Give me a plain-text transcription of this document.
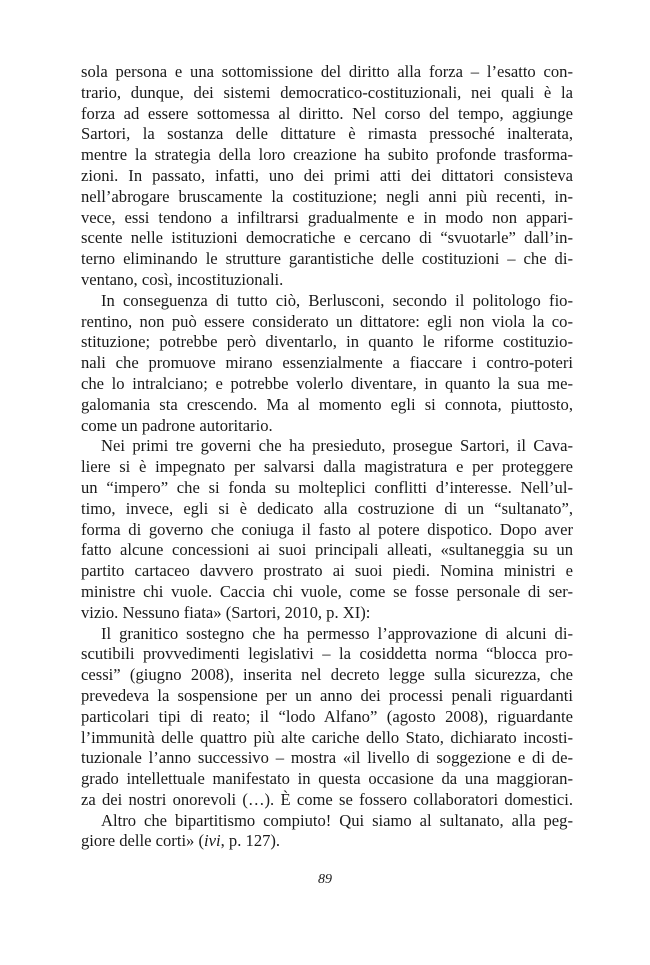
sola persona e una sottomissione del diritto alla forza – l’esatto con-
trario, dunque, dei sistemi democratico-costituzionali, nei quali è la
forza ad essere sottomessa al diritto. Nel corso del tempo, aggiunge
Sartori, la sostanza delle dittature è rimasta pressoché inalterata,
mentre la strategia della loro creazione ha subito profonde trasforma-
zioni. In passato, infatti, uno dei primi atti dei dittatori consisteva
nell’abrogare bruscamente la costituzione; negli anni più recenti, in-
vece, essi tendono a infiltrarsi gradualmente e in modo non appari-
scente nelle istituzioni democratiche e cercano di “svuotarle” dall’in-
terno eliminando le strutture garantistiche delle costituzioni – che di-
ventano, così, incostituzionali.
In conseguenza di tutto ciò, Berlusconi, secondo il politologo fio-
rentino, non può essere considerato un dittatore: egli non viola la co-
stituzione; potrebbe però diventarlo, in quanto le riforme costituzio-
nali che promuove mirano essenzialmente a fiaccare i contro-poteri
che lo intralciano; e potrebbe volerlo diventare, in quanto la sua me-
galomania sta crescendo. Ma al momento egli si connota, piuttosto,
come un padrone autoritario.
Nei primi tre governi che ha presieduto, prosegue Sartori, il Cava-
liere si è impegnato per salvarsi dalla magistratura e per proteggere
un “impero” che si fonda su molteplici conflitti d’interesse. Nell’ul-
timo, invece, egli si è dedicato alla costruzione di un “sultanato”,
forma di governo che coniuga il fasto al potere dispotico. Dopo aver
fatto alcune concessioni ai suoi principali alleati, «sultaneggia su un
partito cartaceo davvero prostrato ai suoi piedi. Nomina ministri e
ministre chi vuole. Caccia chi vuole, come se fosse personale di ser-
vizio. Nessuno fiata» (Sartori, 2010, p. XI):
Il granitico sostegno che ha permesso l’approvazione di alcuni di-
scutibili provvedimenti legislativi – la cosiddetta norma “blocca pro-
cessi” (giugno 2008), inserita nel decreto legge sulla sicurezza, che
prevedeva la sospensione per un anno dei processi penali riguardanti
particolari tipi di reato; il “lodo Alfano” (agosto 2008), riguardante
l’immunità delle quattro più alte cariche dello Stato, dichiarato incosti-
tuzionale l’anno successivo – mostra «il livello di soggezione e di de-
grado intellettuale manifestato in questa occasione da una maggioran-
za dei nostri onorevoli (…). È come se fossero collaboratori domestici.
Altro che bipartitismo compiuto! Qui siamo al sultanato, alla peg-
giore delle corti» (ivi, p. 127).
89
